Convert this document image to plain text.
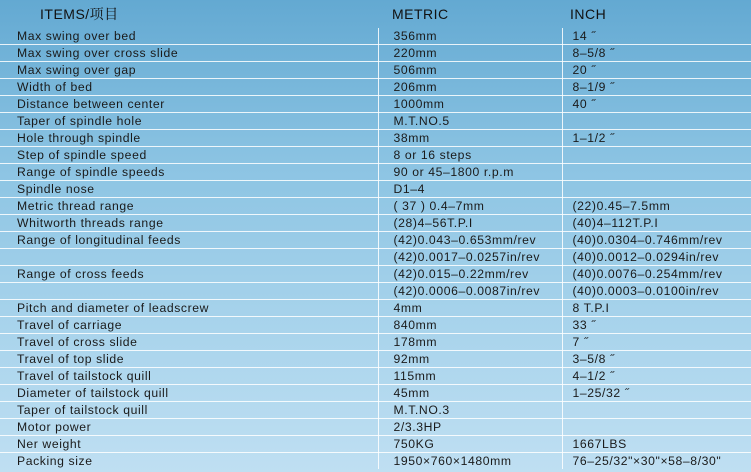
ITEMS/项目	METRIC	INCH
Max swing over bed	356mm	14 ˝
Max swing over cross slide	220mm	8–5/8 ˝
Max swing over gap	506mm	20 ˝
Width of bed	206mm	8–1/9 ˝
Distance between center	1000mm	40 ˝
Taper of spindle hole	M.T.NO.5	
Hole through spindle	38mm	1–1/2 ˝
Step of spindle speed	8 or 16 steps	
Range of spindle speeds	90 or 45–1800 r.p.m	
Spindle nose	D1–4	
Metric thread range	( 37 ) 0.4–7mm	(22)0.45–7.5mm
Whitworth threads range	(28)4–56T.P.I	(40)4–112T.P.I
Range of longitudinal feeds	(42)0.043–0.653mm/rev	(40)0.0304–0.746mm/rev
	(42)0.0017–0.0257in/rev	(40)0.0012–0.0294in/rev
Range of cross feeds	(42)0.015–0.22mm/rev	(40)0.0076–0.254mm/rev
	(42)0.0006–0.0087in/rev	(40)0.0003–0.0100in/rev
Pitch and diameter of leadscrew	4mm	8 T.P.I
Travel of carriage	840mm	33 ˝
Travel of cross slide	178mm	7 ˝
Travel of top slide	92mm	3–5/8 ˝
Travel of tailstock quill	115mm	4–1/2 ˝
Diameter of tailstock quill	45mm	1–25/32 ˝
Taper of tailstock quill	M.T.NO.3	
Motor power	2/3.3HP	
Ner weight	750KG	1667LBS
Packing size	1950×760×1480mm	76–25/32"×30"×58–8/30"
